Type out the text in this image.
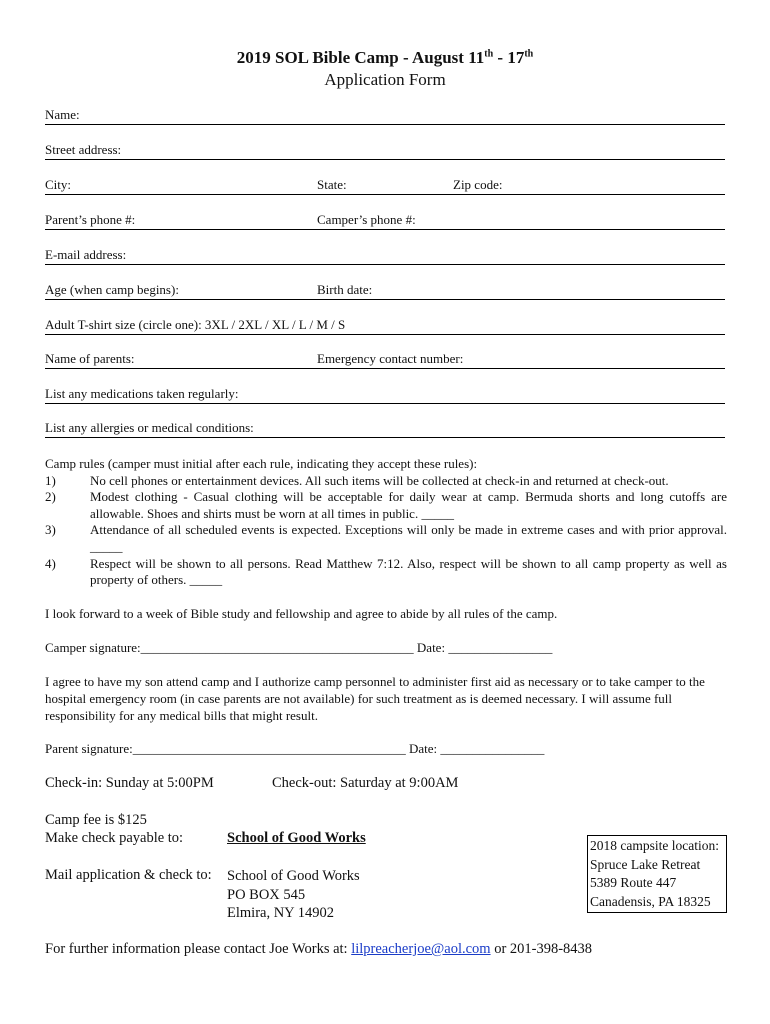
2019 SOL Bible Camp - August 11th - 17th
Application Form
Name:
Street address:
City:	State:	Zip code:
Parent’s phone #:	Camper’s phone #:
E-mail address:
Age (when camp begins):	Birth date:
Adult T-shirt size (circle one): 3XL / 2XL / XL / L / M / S
Name of parents:	Emergency contact number:
List any medications taken regularly:
List any allergies or medical conditions:
Camp rules (camper must initial after each rule, indicating they accept these rules):
1)	No cell phones or entertainment devices. All such items will be collected at check-in and returned at check-out.
2)	Modest clothing - Casual clothing will be acceptable for daily wear at camp. Bermuda shorts and long cutoffs are allowable. Shoes and shirts must be worn at all times in public. _____
3)	Attendance of all scheduled events is expected. Exceptions will only be made in extreme cases and with prior approval. _____
4)	Respect will be shown to all persons. Read Matthew 7:12. Also, respect will be shown to all camp property as well as property of others. _____
I look forward to a week of Bible study and fellowship and agree to abide by all rules of the camp.
Camper signature:__________________________________________ Date: ________________
I agree to have my son attend camp and I authorize camp personnel to administer first aid as necessary or to take camper to the hospital emergency room (in case parents are not available) for such treatment as is deemed necessary. I will assume full responsibility for any medical bills that might result.
Parent signature:__________________________________________ Date: ________________
Check-in: Sunday at 5:00PM	Check-out: Saturday at 9:00AM
Camp fee is $125
Make check payable to:	School of Good Works
Mail application & check to: School of Good Works
PO BOX 545
Elmira, NY 14902
2018 campsite location:
Spruce Lake Retreat
5389 Route 447
Canadensis, PA 18325
For further information please contact Joe Works at: lilpreacherjoe@aol.com or 201-398-8438
